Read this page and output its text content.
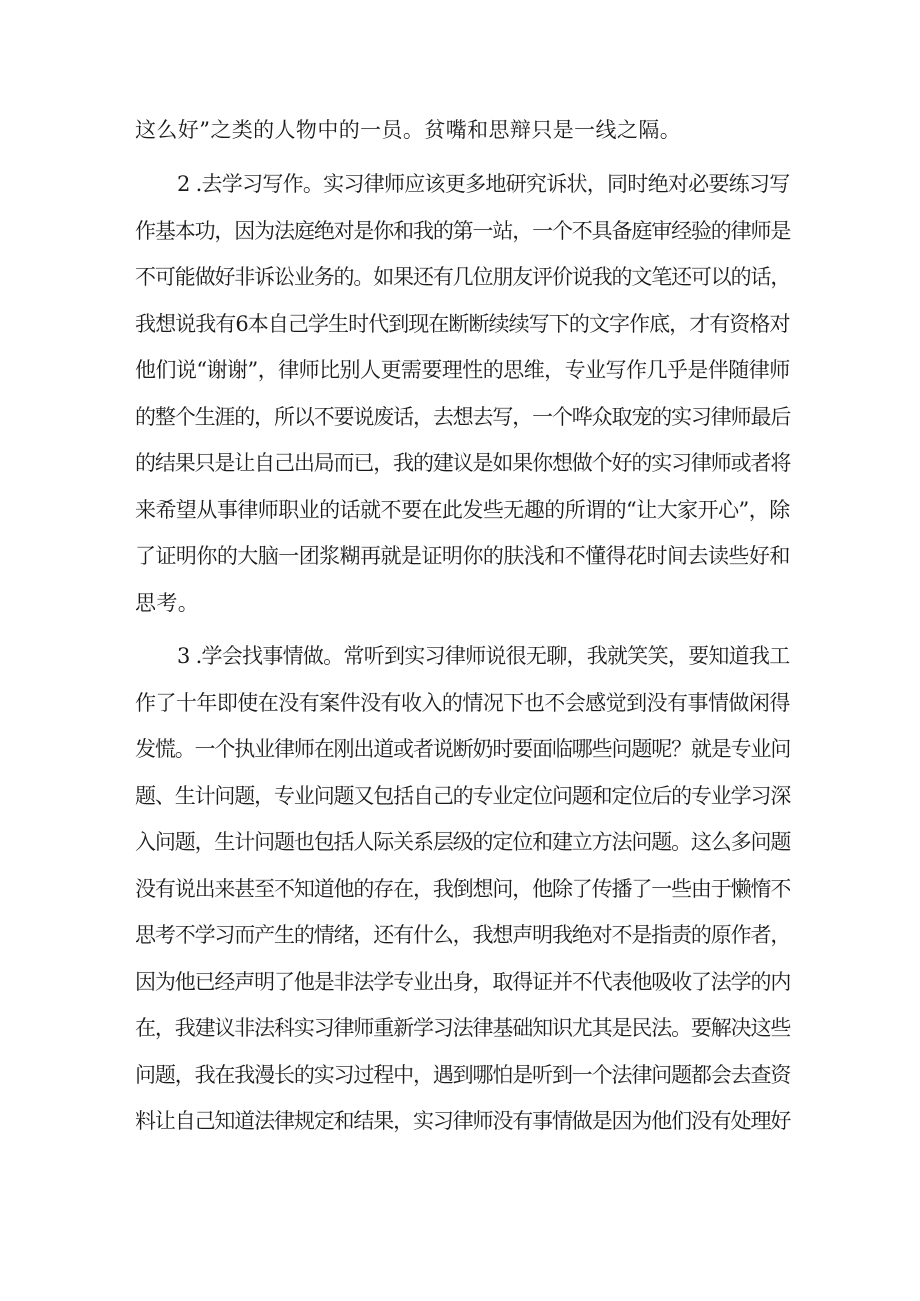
这么好”之类的人物中的一员。贫嘴和思辩只是一线之隔。

2 .去学习写作。实习律师应该更多地研究诉状，同时绝对必要练习写

作基本功，因为法庭绝对是你和我的第一站，一个不具备庭审经验的律师是

不可能做好非诉讼业务的。如果还有几位朋友评价说我的文笔还可以的话，

我想说我有6本自己学生时代到现在断断续续写下的文字作底，才有资格对

他们说“谢谢”，律师比别人更需要理性的思维，专业写作几乎是伴随律师

的整个生涯的，所以不要说废话，去想去写，一个哗众取宠的实习律师最后

的结果只是让自己出局而已，我的建议是如果你想做个好的实习律师或者将

来希望从事律师职业的话就不要在此发些无趣的所谓的“让大家开心”，除

了证明你的大脑一团浆糊再就是证明你的肤浅和不懂得花时间去读些好和

思考。

3 .学会找事情做。常听到实习律师说很无聊，我就笑笑，要知道我工

作了十年即使在没有案件没有收入的情况下也不会感觉到没有事情做闲得

发慌。一个执业律师在刚出道或者说断奶时要面临哪些问题呢？就是专业问

题、生计问题，专业问题又包括自己的专业定位问题和定位后的专业学习深

入问题，生计问题也包括人际关系层级的定位和建立方法问题。这么多问题

没有说出来甚至不知道他的存在，我倒想问，他除了传播了一些由于懒惰不

思考不学习而产生的情绪，还有什么，我想声明我绝对不是指责的原作者，

因为他已经声明了他是非法学专业出身，取得证并不代表他吸收了法学的内

在，我建议非法科实习律师重新学习法律基础知识尤其是民法。要解决这些

问题，我在我漫长的实习过程中，遇到哪怕是听到一个法律问题都会去查资

料让自己知道法律规定和结果，实习律师没有事情做是因为他们没有处理好
